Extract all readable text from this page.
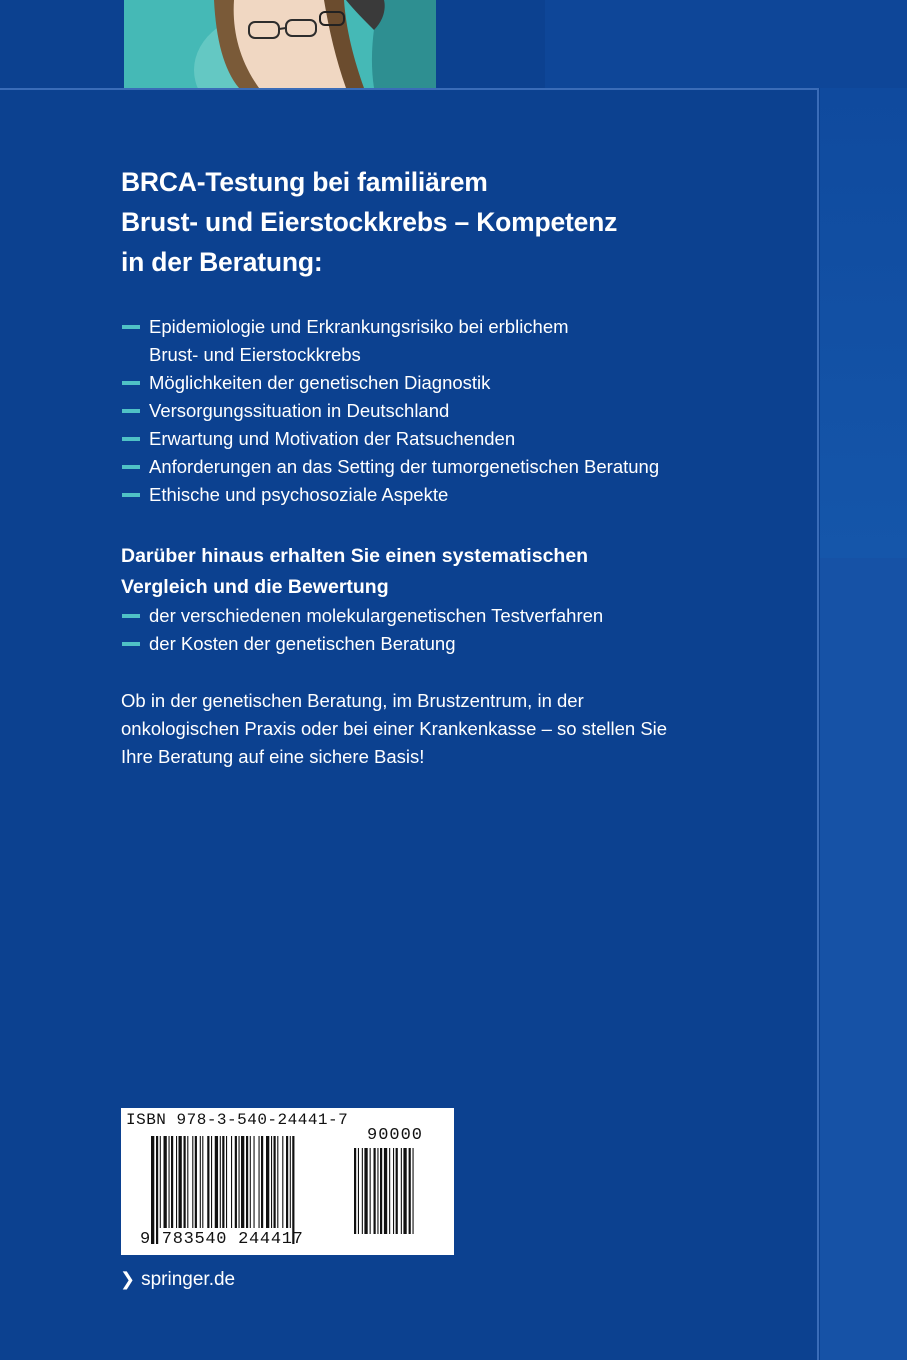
BRCA-Testung bei familiärem
Brust- und Eierstockkrebs – Kompetenz
in der Beratung:
Epidemiologie und Erkrankungsrisiko bei erblichem
Brust- und Eierstockkrebs
Möglichkeiten der genetischen Diagnostik
Versorgungssituation in Deutschland
Erwartung und Motivation der Ratsuchenden
Anforderungen an das Setting der tumorgenetischen Beratung
Ethische und psychosoziale Aspekte
Darüber hinaus erhalten Sie einen systematischen
Vergleich und die Bewertung
der verschiedenen molekulargenetischen Testverfahren
der Kosten der genetischen Beratung
Ob in der genetischen Beratung, im Brustzentrum, in der
onkologischen Praxis oder bei einer Krankenkasse – so stellen Sie
Ihre Beratung auf eine sichere Basis!
ISBN 978-3-540-24441-7
90000
9 783540 244417
❯ springer.de
